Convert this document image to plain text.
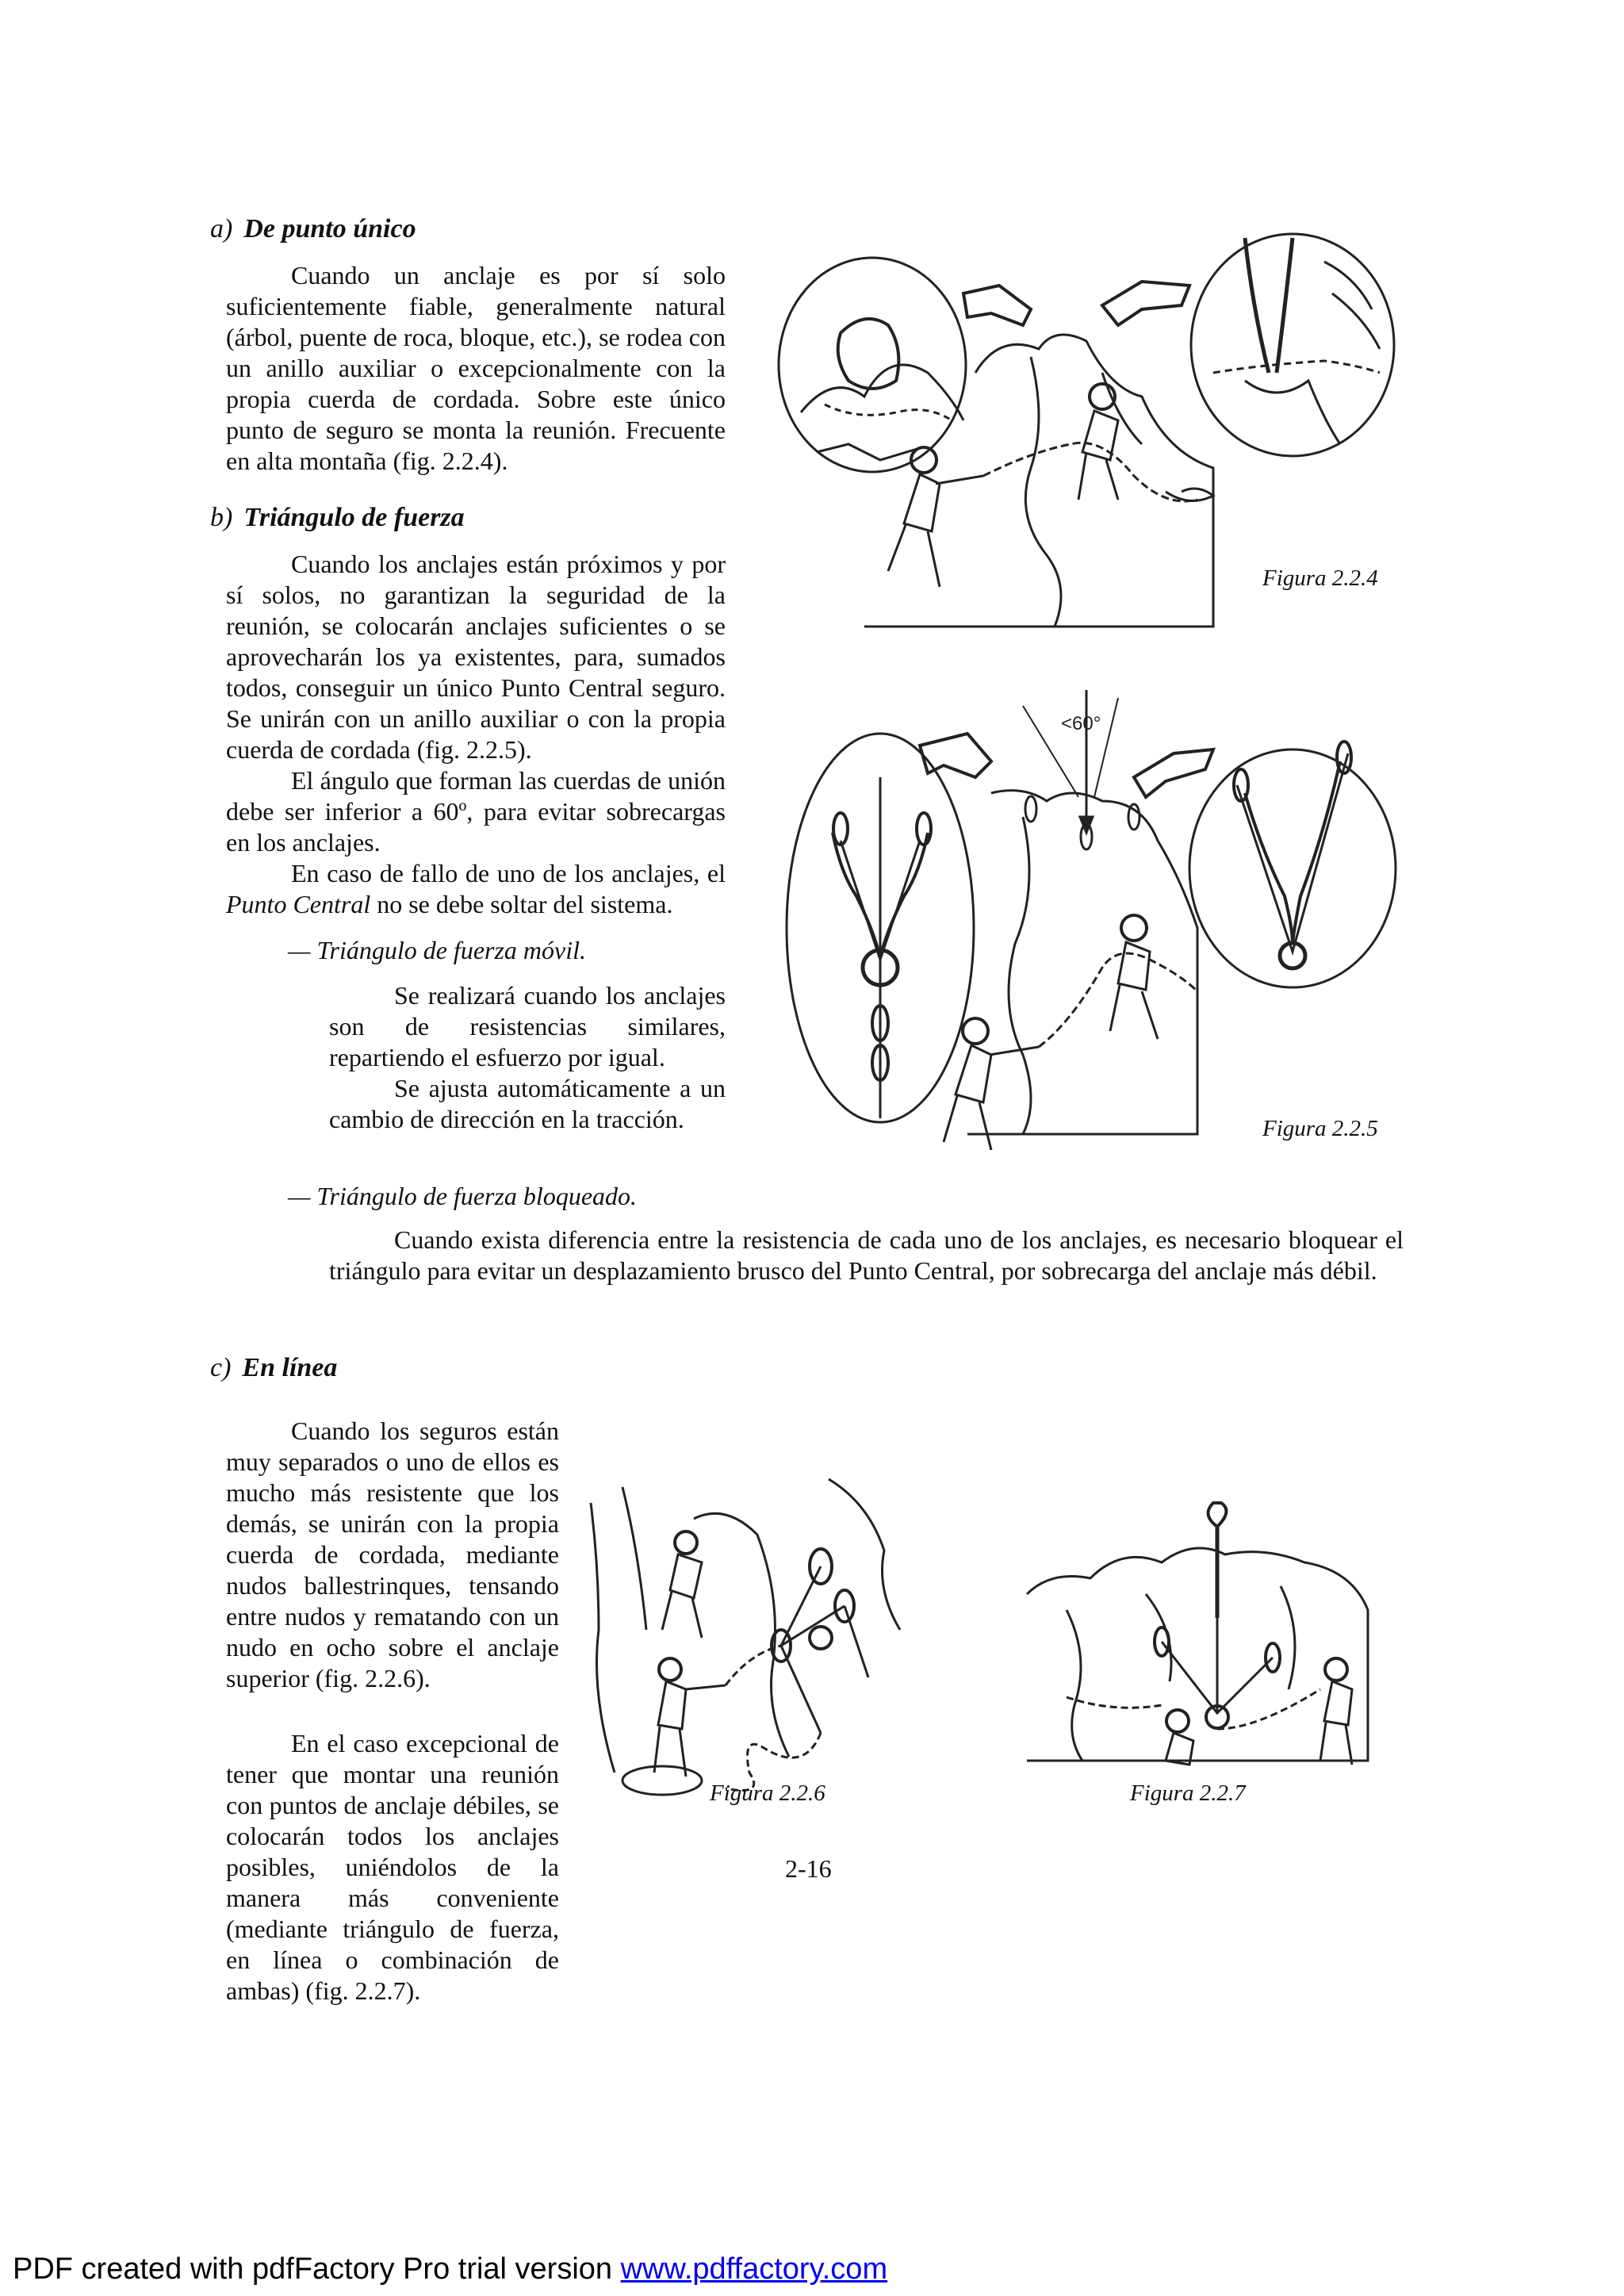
a) De punto único

Cuando un anclaje es por sí solo suficientemente fiable, generalmente natural (árbol, puente de roca, bloque, etc.), se rodea con un anillo auxiliar o excepcionalmente con la propia cuerda de cordada. Sobre este único punto de seguro se monta la reunión. Frecuente en alta montaña (fig. 2.2.4).

b) Triángulo de fuerza

Cuando los anclajes están próximos y por sí solos, no garantizan la seguridad de la reunión, se colocarán anclajes suficientes o se aprovecharán los ya existentes, para, sumados todos, conseguir un único Punto Central seguro. Se unirán con un anillo auxiliar o con la propia cuerda de cordada (fig. 2.2.5).

El ángulo que forman las cuerdas de unión debe ser inferior a 60º, para evitar sobrecargas en los anclajes.

En caso de fallo de uno de los anclajes, el Punto Central no se debe soltar del sistema.

— Triángulo de fuerza móvil.

Se realizará cuando los anclajes son de resistencias similares, repartiendo el esfuerzo por igual.

Se ajusta automáticamente a un cambio de dirección en la tracción.

— Triángulo de fuerza bloqueado.

Cuando exista diferencia entre la resistencia de cada uno de los anclajes, es necesario bloquear el triángulo para evitar un desplazamiento brusco del Punto Central, por sobrecarga del anclaje más débil.

c) En línea

Cuando los seguros están muy separados o uno de ellos es mucho más resistente que los demás, se unirán con la propia cuerda de cordada, mediante nudos ballestrinques, tensando entre nudos y rematando con un nudo en ocho sobre el anclaje superior (fig. 2.2.6).

En el caso excepcional de tener que montar una reunión con puntos de anclaje débiles, se colocarán todos los anclajes posibles, uniéndolos de la manera más conveniente (mediante triángulo de fuerza, en línea o combinación de ambas) (fig. 2.2.7).

Figura 2.2.4
<60°
Figura 2.2.5
Figura 2.2.6	Figura 2.2.7
2-16
PDF created with pdfFactory Pro trial version www.pdffactory.com
